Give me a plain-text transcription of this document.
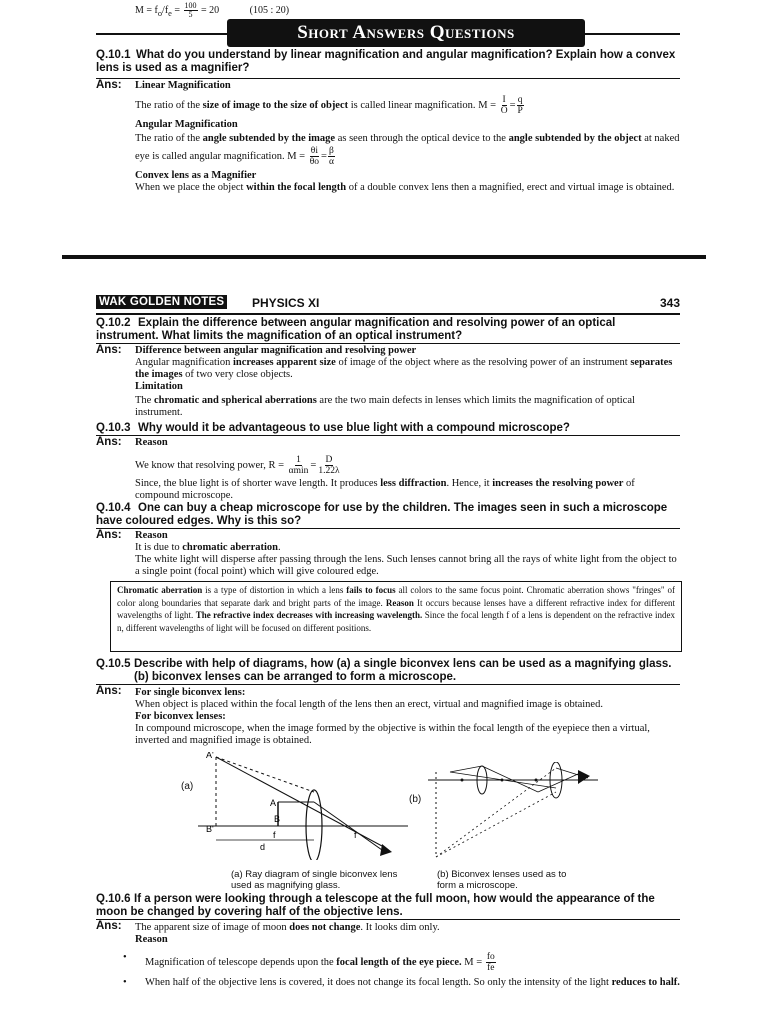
$M = f_o/f_e = \frac{100}{5} = 20$	(105 : 20)
Short Answers Questions
Q.10.1 What do you understand by linear magnification and angular magnification? Explain how a convex lens is used as a magnifier?
Ans: Linear Magnification
The ratio of the size of image to the size of object is called linear magnification. $M = \frac{I}{O} = \frac{q}{P}$
Angular Magnification
The ratio of the angle subtended by the image as seen through the optical device to the angle subtended by the object at naked eye is called angular magnification. $M = \frac{\theta i}{\theta o} = \frac{\beta}{\alpha}$
Convex lens as a Magnifier
When we place the object within the focal length of a double convex lens then a magnified, erect and virtual image is obtained.
WAK GOLDEN NOTES PHYSICS XI	343
Q.10.2 Explain the difference between angular magnification and resolving power of an optical instrument. What limits the magnification of an optical instrument?
Ans: Difference between angular magnification and resolving power
Angular magnification increases apparent size of image of the object where as the resolving power of an instrument separates the images of two very close objects.
Limitation
The chromatic and spherical aberrations are the two main defects in lenses which limits the magnification of optical instrument.
Q.10.3 Why would it be advantageous to use blue light with a compound microscope?
Ans: Reason
We know that resolving power, $R = \frac{1}{\alpha\min} = \frac{D}{1.22\lambda}$
Since, the blue light is of shorter wave length. It produces less diffraction. Hence, it increases the resolving power of compound microscope.
Q.10.4 One can buy a cheap microscope for use by the children. The images seen in such a microscope have coloured edges. Why is this so?
Ans: Reason
It is due to chromatic aberration.
The white light will disperse after passing through the lens. Such lenses cannot bring all the rays of white light from the object to a single point (focal point) which will give coloured edge.
Chromatic aberration is a type of distortion in which a lens fails to focus all colors to the same focus point. Chromatic aberration shows "fringes" of color along boundaries that separate dark and bright parts of the image. Reason It occurs because lenses have a different refractive index for different wavelengths of light. The refractive index decreases with increasing wavelength. Since the focal length f of a lens is dependent on the refractive index n, different wavelengths of light will be focused on different positions.
Q.10.5 Describe with help of diagrams, how (a) a single biconvex lens can be used as a magnifying glass.
(b) biconvex lenses can be arranged to form a microscope.
Ans: For single biconvex lens:
When object is placed within the focal length of the lens then an erect, virtual and magnified image is obtained.
For biconvex lenses:
In compound microscope, when the image formed by the objective is within the focal length of the eyepiece then a virtual, inverted and magnified image is obtained.
(a)
A'
A
B
B'
f	f
d
(b)
(a) Ray diagram of single biconvex lens used as magnifying glass.
(b) Biconvex lenses used as to form a microscope.
Q.10.6 If a person were looking through a telescope at the full moon, how would the appearance of the moon be changed by covering half of the objective lens.
Ans: The apparent size of image of moon does not change. It looks dim only.
Reason
• Magnification of telescope depends upon the focal length of the eye piece. $M = \frac{fo}{fe}$
• When half of the objective lens is covered, it does not change its focal length. So only the intensity of the light reduces to half.
